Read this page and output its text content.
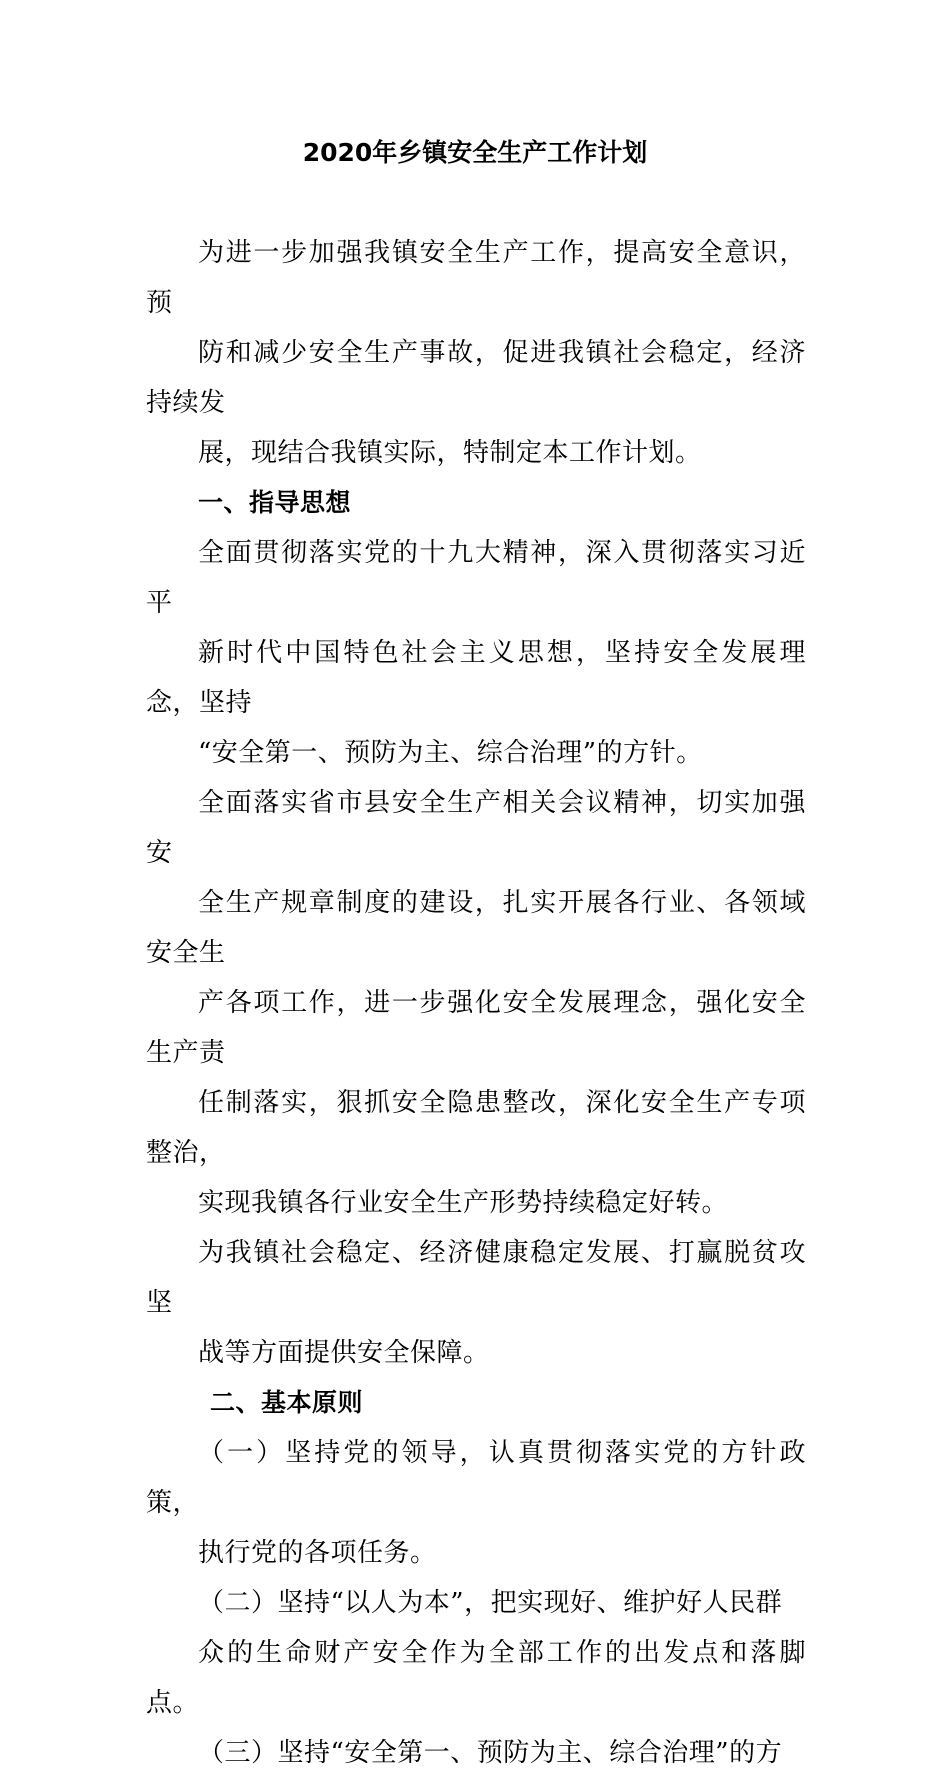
2020年乡镇安全生产工作计划

为进一步加强我镇安全生产工作，提高安全意识，预
防和减少安全生产事故，促进我镇社会稳定，经济持续发
展，现结合我镇实际，特制定本工作计划。

一、指导思想

全面贯彻落实党的十九大精神，深入贯彻落实习近平
新时代中国特色社会主义思想，坚持安全发展理念，坚持
“安全第一、预防为主、综合治理”的方针。

全面落实省市县安全生产相关会议精神，切实加强安
全生产规章制度的建设，扎实开展各行业、各领域安全生
产各项工作，进一步强化安全发展理念，强化安全生产责
任制落实，狠抓安全隐患整改，深化安全生产专项整治，
实现我镇各行业安全生产形势持续稳定好转。

为我镇社会稳定、经济健康稳定发展、打赢脱贫攻坚
战等方面提供安全保障。

二、基本原则

（一）坚持党的领导，认真贯彻落实党的方针政策，
执行党的各项任务。

（二）坚持“以人为本”，把实现好、维护好人民群
众的生命财产安全作为全部工作的出发点和落脚点。

（三）坚持“安全第一、预防为主、综合治理”的方
